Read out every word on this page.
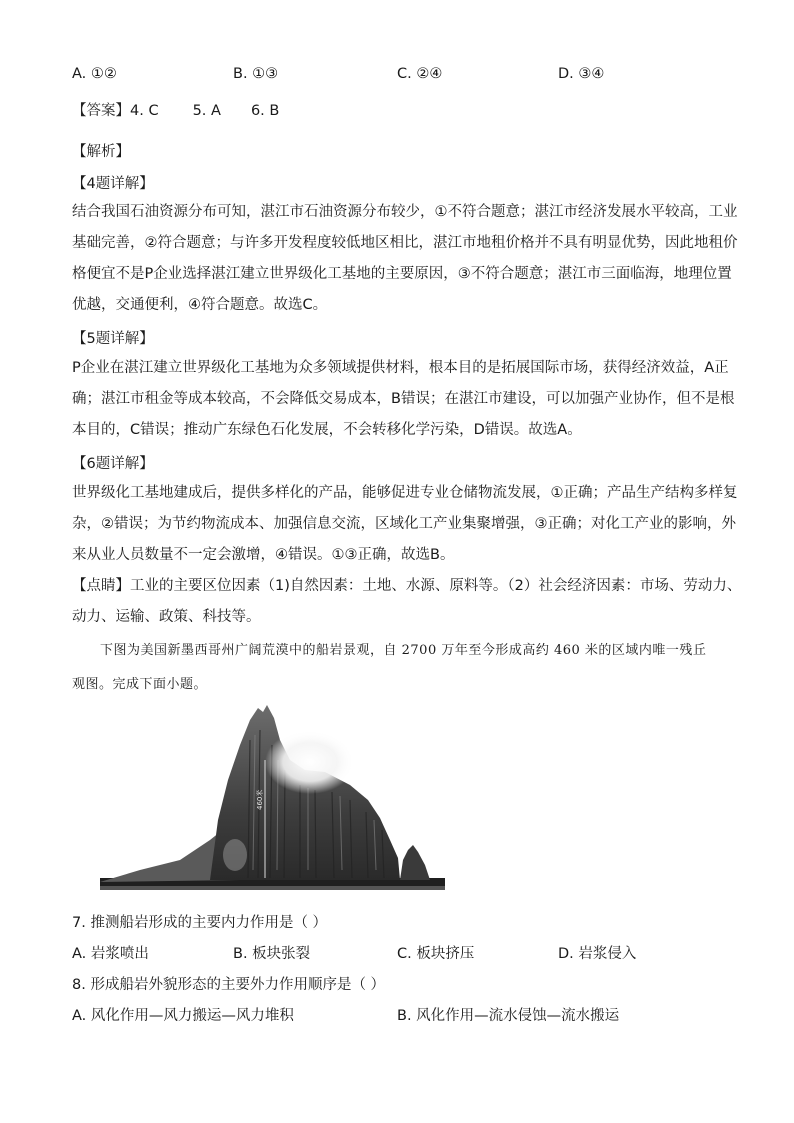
A. ①②	B. ①③	C. ②④	D. ③④
【答案】4. C 5. A 6. B
【解析】
【4题详解】
结合我国石油资源分布可知，湛江市石油资源分布较少，①不符合题意；湛江市经济发展水平较高，工业
基础完善，②符合题意；与许多开发程度较低地区相比，湛江市地租价格并不具有明显优势，因此地租价
格便宜不是P企业选择湛江建立世界级化工基地的主要原因，③不符合题意；湛江市三面临海，地理位置
优越，交通便利，④符合题意。故选C。
【5题详解】
P企业在湛江建立世界级化工基地为众多领域提供材料，根本目的是拓展国际市场，获得经济效益，A正
确；湛江市租金等成本较高，不会降低交易成本，B错误；在湛江市建设，可以加强产业协作，但不是根
本目的，C错误；推动广东绿色石化发展，不会转移化学污染，D错误。故选A。
【6题详解】
世界级化工基地建成后，提供多样化的产品，能够促进专业仓储物流发展，①正确；产品生产结构多样复
杂，②错误；为节约物流成本、加强信息交流，区域化工产业集聚增强，③正确；对化工产业的影响，外
来从业人员数量不一定会激增，④错误。①③正确，故选B。
【点睛】工业的主要区位因素（1)自然因素：土地、水源、原料等。（2）社会经济因素：市场、劳动力、
动力、运输、政策、科技等。
下图为美国新墨西哥州广阔荒漠中的船岩景观，自 2700 万年至今形成高约 460 米的区域内唯一残丘
观图。完成下面小题。
460米
7. 推测船岩形成的主要内力作用是（ ）
A. 岩浆喷出	B. 板块张裂	C. 板块挤压	D. 岩浆侵入
8. 形成船岩外貌形态的主要外力作用顺序是（ ）
A. 风化作用—风力搬运—风力堆积	B. 风化作用—流水侵蚀—流水搬运
